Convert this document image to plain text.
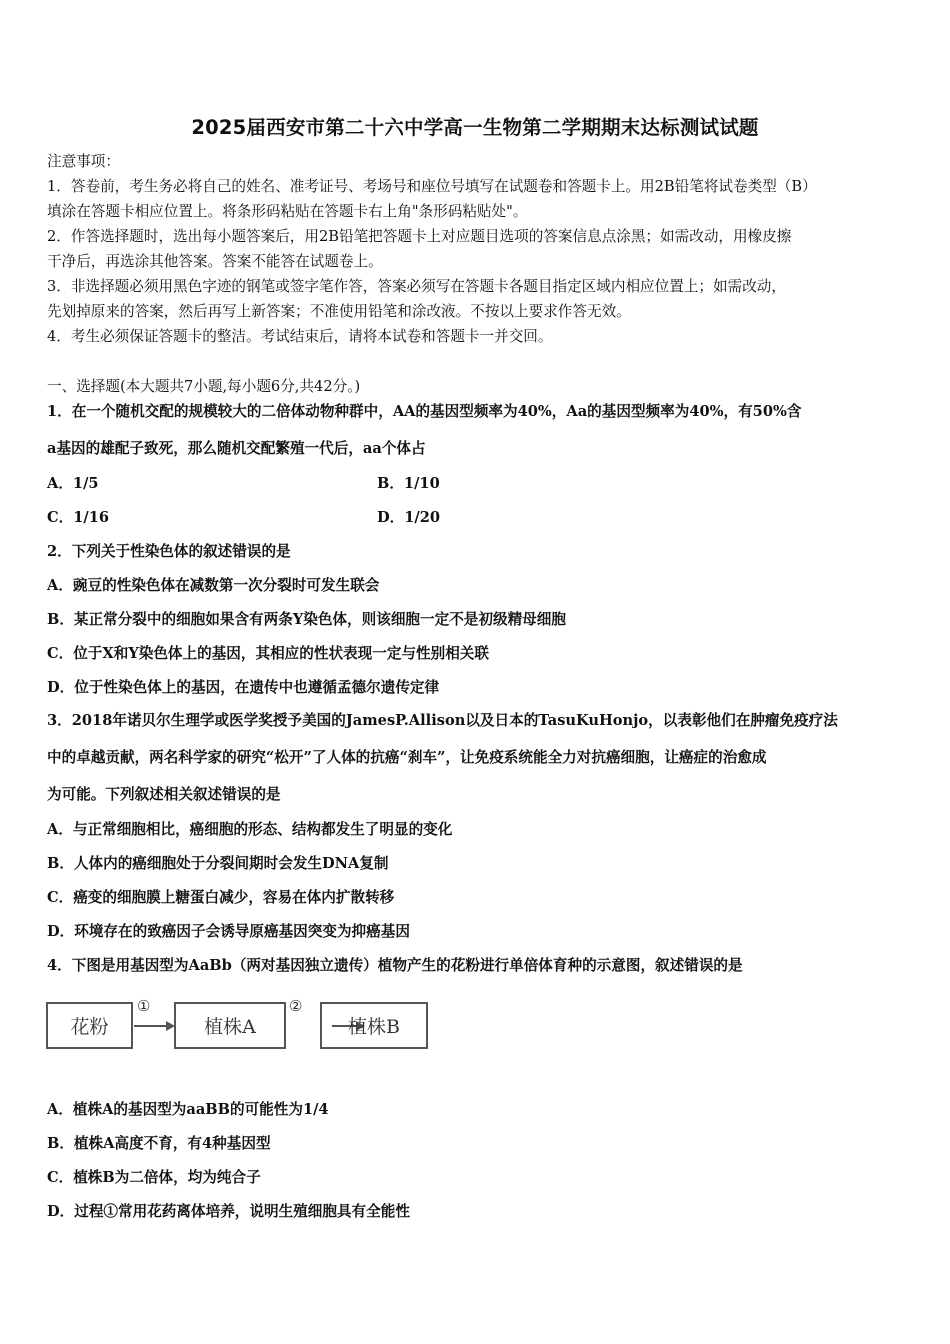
2025届西安市第二十六中学高一生物第二学期期末达标测试试题
注意事项：
1．答卷前，考生务必将自己的姓名、准考证号、考场号和座位号填写在试题卷和答题卡上。用2B铅笔将试卷类型（B）
填涂在答题卡相应位置上。将条形码粘贴在答题卡右上角"条形码粘贴处"。
2．作答选择题时，选出每小题答案后，用2B铅笔把答题卡上对应题目选项的答案信息点涂黑；如需改动，用橡皮擦
干净后，再选涂其他答案。答案不能答在试题卷上。
3．非选择题必须用黑色字迹的钢笔或签字笔作答，答案必须写在答题卡各题目指定区域内相应位置上；如需改动，
先划掉原来的答案，然后再写上新答案；不准使用铅笔和涂改液。不按以上要求作答无效。
4．考生必须保证答题卡的整洁。考试结束后，请将本试卷和答题卡一并交回。
一、选择题(本大题共7小题,每小题6分,共42分。)
1．在一个随机交配的规模较大的二倍体动物种群中，AA的基因型频率为40%，Aa的基因型频率为40%，有50%含
a基因的雄配子致死，那么随机交配繁殖一代后，aa个体占
A．1/5	B．1/10
C．1/16	D．1/20
2．下列关于性染色体的叙述错误的是
A．豌豆的性染色体在减数第一次分裂时可发生联会
B．某正常分裂中的细胞如果含有两条Y染色体，则该细胞一定不是初级精母细胞
C．位于X和Y染色体上的基因，其相应的性状表现一定与性别相关联
D．位于性染色体上的基因，在遗传中也遵循孟德尔遗传定律
3．2018年诺贝尔生理学或医学奖授予美国的JamesP.Allison以及日本的TasuKuHonjo，以表彰他们在肿瘤免疫疗法
中的卓越贡献，两名科学家的研究“松开”了人体的抗癌“刹车”，让免疫系统能全力对抗癌细胞，让癌症的治愈成
为可能。下列叙述相关叙述错误的是
A．与正常细胞相比，癌细胞的形态、结构都发生了明显的变化
B．人体内的癌细胞处于分裂间期时会发生DNA复制
C．癌变的细胞膜上糖蛋白减少，容易在体内扩散转移
D．环境存在的致癌因子会诱导原癌基因突变为抑癌基因
4．下图是用基因型为AaBb（两对基因独立遗传）植物产生的花粉进行单倍体育种的示意图，叙述错误的是
花粉
①
植株A
②
植株B
A．植株A的基因型为aaBB的可能性为1/4
B．植株A高度不育，有4种基因型
C．植株B为二倍体，均为纯合子
D．过程①常用花药离体培养，说明生殖细胞具有全能性
